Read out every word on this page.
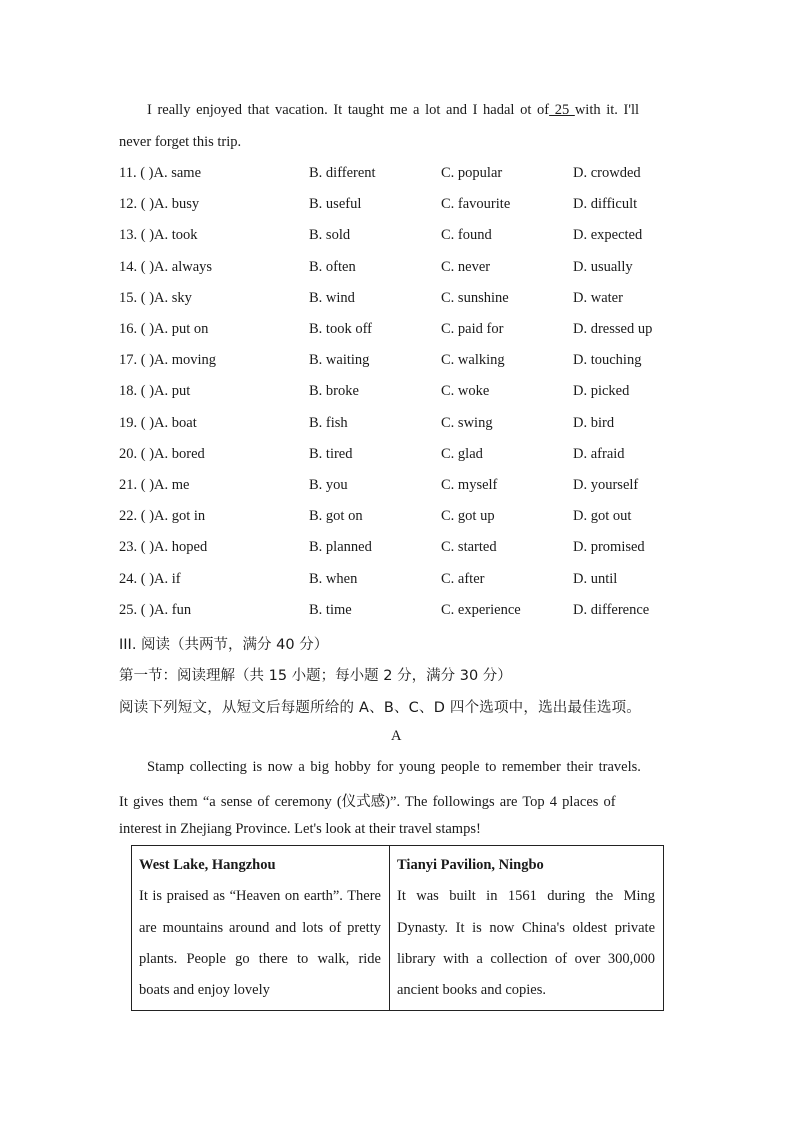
I really enjoyed that vacation. It taught me a lot and I hadal ot of 25 with it. I'll
never forget this trip.
11. ( )A. same	B. different	C. popular	D. crowded
12. ( )A. busy	B. useful	C. favourite	D. difficult
13. ( )A. took	B. sold	C. found	D. expected
14. ( )A. always	B. often	C. never	D. usually
15. ( )A. sky	B. wind	C. sunshine	D. water
16. ( )A. put on	B. took off	C. paid for	D. dressed up
17. ( )A. moving	B. waiting	C. walking	D. touching
18. ( )A. put	B. broke	C. woke	D. picked
19. ( )A. boat	B. fish	C. swing	D. bird
20. ( )A. bored	B. tired	C. glad	D. afraid
21. ( )A. me	B. you	C. myself	D. yourself
22. ( )A. got in	B. got on	C. got up	D. got out
23. ( )A. hoped	B. planned	C. started	D. promised
24. ( )A. if	B. when	C. after	D. until
25. ( )A. fun	B. time	C. experience	D. difference
III. 阅读（共两节，满分 40 分）
第一节：阅读理解（共 15 小题；每小题 2 分，满分 30 分）
阅读下列短文，从短文后每题所给的 A、B、C、D 四个选项中，选出最佳选项。
A
Stamp collecting is now a big hobby for young people to remember their travels.
It gives them “a sense of ceremony (仪式感)”. The followings are Top 4 places of
interest in Zhejiang Province. Let's look at their travel stamps!
West Lake, Hangzhou
It is praised as “Heaven on earth”. There are mountains around and lots of pretty plants. People go there to walk, ride boats and enjoy lovely	
Tianyi Pavilion, Ningbo
It was built in 1561 during the Ming Dynasty. It is now China's oldest private library with a collection of over 300,000 ancient books and copies.
